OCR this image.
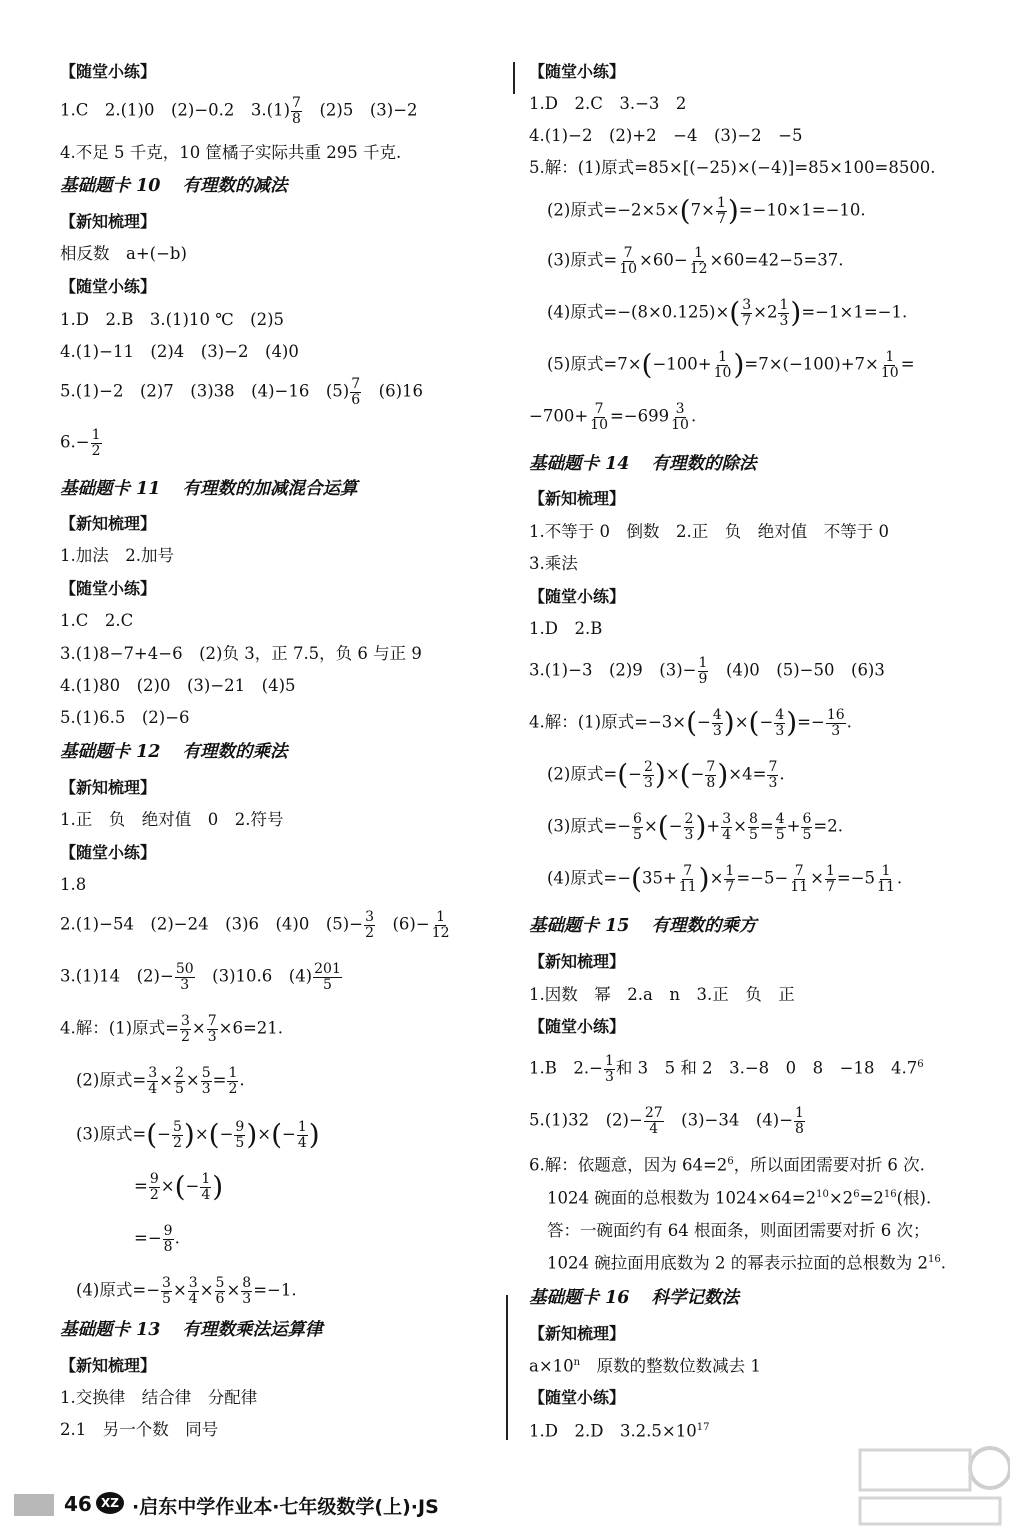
【随堂小练】
1.C　2.(1)0　(2)−0.2　$3.(1) \frac{7}{8}$ 　(2)5　(3)−2
4.不足 5 千克，10 筐橘子实际共重 295 千克.
基础题卡 10 有理数的减法
【新知梳理】
相反数　a+(−b)
【随堂小练】
1.D　2.B　3.(1)10 ℃　(2)5
4.(1)−11　(2)4　(3)−2　(4)0
5.(1)−2　(2)7　(3)38　(4)−16　$(5) \frac{7}{6}$ 　(6)16
$6.- \frac{1}{2}$
基础题卡 11 有理数的加减混合运算
【新知梳理】
1.加法　2.加号
【随堂小练】
1.C　2.C
3.(1)8−7+4−6　(2)负 3，正 7.5，负 6 与正 9
4.(1)80　(2)0　(3)−21　(4)5
5.(1)6.5　(2)−6
基础题卡 12 有理数的乘法
【新知梳理】
1.正　负　绝对值　0　2.符号
【随堂小练】
1.8
2.(1)−54　(2)−24　(3)6　(4)0　$(5)- \frac{3}{2}$ 　$(6)- \frac{1}{12}$
3.(1)14　$(2)- \frac{50}{3}$ 　(3)10.6　$(4) \frac{201}{5}$
4.解：(1)原式= $\frac{3}{2} \times \frac{7}{3} \times 6=21$.
(2)原式= $\frac{3}{4} \times \frac{2}{5} \times \frac{5}{3} = \frac{1}{2}$ .
(3)原式=(− $\frac{5}{2}$ )×(− $\frac{9}{5}$ )×(− $\frac{1}{4}$ )
= $\frac{9}{2}$ ×(− $\frac{1}{4}$ )
=− $\frac{9}{8}$ .
(4)原式=− $\frac{3}{5} \times \frac{3}{4} \times \frac{5}{6} \times \frac{8}{3} =-1$.
基础题卡 13 有理数乘法运算律
【新知梳理】
1.交换律　结合律　分配律
2.1　另一个数　同号
【随堂小练】
1.D　2.C　3.−3　2
4.(1)−2　(2)+2　−4　(3)−2　−5
5.解：(1)原式=85×[(−25)×(−4)]=85×100=8500.
(2)原式$=-2\times 5\times(7\times \frac{1}{7} )=-10\times 1=-10$.
(3)原式= $\frac{7}{10} \times 60- \frac{1}{12} \times 60=42-5=37$.
(4)原式$=-(8\times 0.125)\times( \frac{3}{7} \times 2 \frac{1}{3} )=-1\times 1=-1$.
(5)原式$=7\times(-100+ \frac{1}{10} )=7\times(-100)+7\times \frac{1}{10}$ =
$-700+ \frac{7}{10} =-699 \frac{3}{10}$ .
基础题卡 14 有理数的除法
【新知梳理】
1.不等于 0　倒数　2.正　负　绝对值　不等于 0
3.乘法
【随堂小练】
1.D　2.B
3.(1)−3　(2)9　$(3)- \frac{1}{9}$ 　(4)0　(5)−50　(6)3
4.解：(1)原式$=-3\times(- \frac{4}{3}$ )×(− $\frac{4}{3}$ )=− $\frac{16}{3}$ .
(2)原式=(− $\frac{2}{3}$ )×(− $\frac{7}{8} )\times 4= \frac{7}{3}$ .
(3)原式=− $\frac{6}{5}$ ×(− $\frac{2}{3}$ )+ $\frac{3}{4} \times \frac{8}{5} = \frac{4}{5} + \frac{6}{5} =2$.
(4)原式$=-(35+ \frac{7}{11}$ )× $\frac{1}{7} =-5- \frac{7}{11} \times \frac{1}{7} =-5 \frac{1}{11}$ .
基础题卡 15 有理数的乘方
【新知梳理】
1.因数　幂　2.a　n　3.正　负　正
【随堂小练】
1.B　$2.- \frac{1}{3}$ 和 3　5 和 2　3.−8　0　8　−18　$4.7^6$
5.(1)32　$(2)- \frac{27}{4}$ 　(3)−34　$(4)- \frac{1}{8}$
6.解：依题意，因为 $64=2^6$，所以面团需要对折 6 次.
1024 碗面的总根数为 $1024\times 64=2^{10}\times 2^6=2^{16}$(根).
答：一碗面约有 64 根面条，则面团需要对折 6 次；
1024 碗拉面用底数为 2 的幂表示拉面的总根数为 $2^{16}$.
基础题卡 16 科学记数法
【新知梳理】
$a\times 10^n$　原数的整数位数减去 1
【随堂小练】
1.D　2.D　$3.2.5\times 10^{17}$
46 XZ ·启东中学作业本·七年级数学(上)·JS
